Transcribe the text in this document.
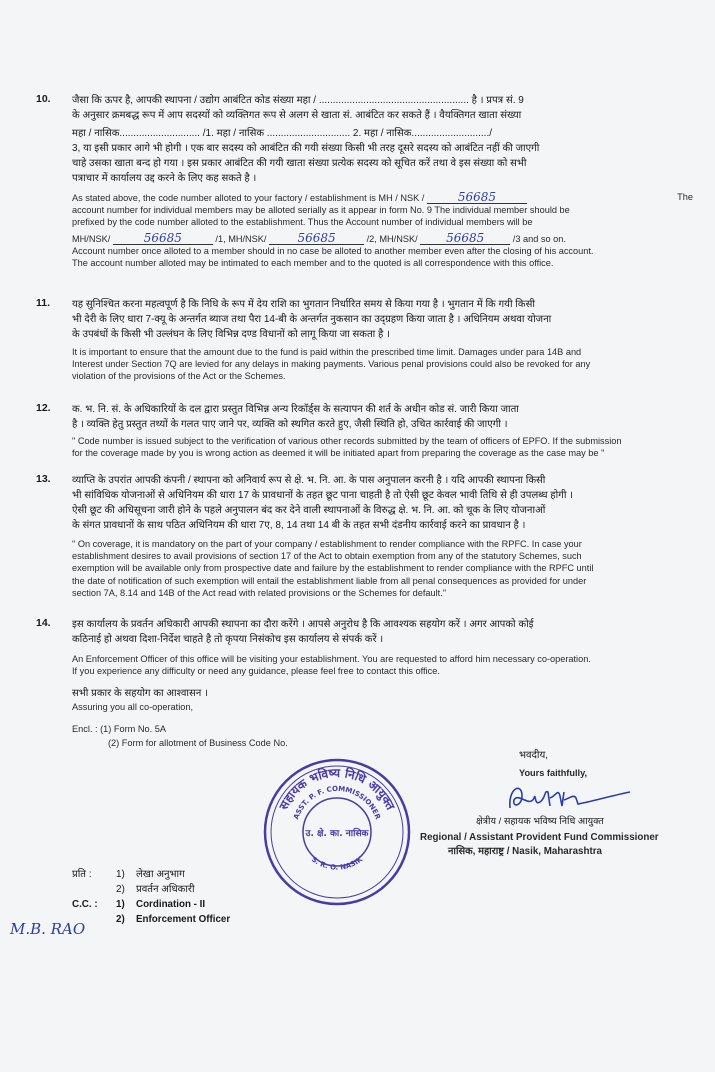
10. जैसा कि ऊपर है, आपकी स्थापना / उद्योग आबंटित कोड संख्या महा / ...................................................... है । प्रपत्र सं. 9

के अनुसार क्रमबद्ध रूप में आप सदस्यों को व्यक्तिगत रूप से अलग से खाता सं. आबंटित कर सकते हैं । वैयक्तिगत खाता संख्या

महा / नासिक............................. /1. महा / नासिक .............................. 2. महा / नासिक............................/

3, या इसी प्रकार आगे भी होगी । एक बार सदस्य को आबंटित की गयी संख्या किसी भी तरह दूसरे सदस्य को आबंटित नहीं की जाएगी

चाहे उसका खाता बन्द हो गया । इस प्रकार आबंटित की गयी खाता संख्या प्रत्येक सदस्य को सूचित करें तथा वे इस संख्या को सभी

पत्राचार में कार्यालय उद्द करने के लिए कह सकते है ।

As stated above, the code number alloted to your factory / establishment is MH / NSK /	56685	The

account number for individual members may be alloted serially as it appear in form No. 9 The individual member should be

prefixed by the code number alloted to the establishment. Thus the Account number of individual members will be

MH/NSK/	56685	/1, MH/NSK/	56685	/2, MH/NSK/ 56685	/3 and so on.

Account number once alloted to a member should in no case be alloted to another member even after the closing of his account.

The account number alloted may be intimated to each member and to the quoted is all correspondence with this office.

11. यह सुनिश्चित करना महत्वपूर्ण है कि निधि के रूप में देय राशि का भुगतान निर्धारित समय से किया गया है । भुगतान में कि गयी किसी

भी देरी के लिए धारा 7-क्यू के अन्तर्गत ब्याज तथा पैरा 14-बी के अन्तर्गत नुकसान का उद्ग्रहण किया जाता है । अधिनियम अथवा योजना

के उपबंधों के किसी भी उल्लंघन के लिए विभिन्न दण्ड विधानों को लागू किया जा सकता है ।

It is important to ensure that the amount due to the fund is paid within the prescribed time limit. Damages under para 14B and

Interest under Section 7Q are levied for any delays in making payments. Various penal provisions could also be revoked for any

violation of the provisions of the Act or the Schemes.

12. क. भ. नि. सं. के अधिकारियों के दल द्वारा प्रस्तुत विभिन्न अन्य रिकॉर्ड्स के सत्यापन की शर्त के अधीन कोड सं. जारी किया जाता

है । व्यक्ति हेतु प्रस्तुत तथ्यों के गलत पाए जाने पर, व्यक्ति को स्थगित करते हुए, जैसी स्थिति हो, उचित कार्रवाई की जाएगी ।

" Code number is issued subject to the verification of various other records submitted by the team of officers of EPFO. If the submission

for the coverage made by you is wrong action as deemed it will be initiated apart from preparing the coverage as the case may be "

13. व्याप्ति के उपरांत आपकी कंपनी / स्थापना को अनिवार्य रूप से क्षे. भ. नि. आ. के पास अनुपालन करनी है । यदि आपकी स्थापना किसी

भी सांविधिक योजनाओं से अधिनियम की धारा 17 के प्रावधानों के तहत छूट पाना चाहती है तो ऐसी छूट केवल भावी तिथि से ही उपलब्ध होगी ।

ऐसी छूट की अधिसूचना जारी होने के पहले अनुपालन बंद कर देने वाली स्थापनाओं के विरुद्ध क्षे. भ. नि. आ. को चूक के लिए योजनाओं

के संगत प्रावधानों के साथ पठित अधिनियम की धारा 7ए, 8, 14 तथा 14 बी के तहत सभी दंडनीय कार्रवाई करने का प्रावधान है ।

" On coverage, it is mandatory on the part of your company / establishment to render compliance with the RPFC. In case your

establishment desires to avail provisions of section 17 of the Act to obtain exemption from any of the statutory Schemes, such

exemption will be available only from prospective date and failure by the establishment to render compliance with the RPFC until

the date of notification of such exemption will entail the establishment liable from all penal consequences as provided for under

section 7A, 8.14 and 14B of the Act read with related provisions or the Schemes for default."

14. इस कार्यालय के प्रवर्तन अधिकारी आपकी स्थापना का दौरा करेंगे । आपसे अनुरोध है कि आवश्यक सहयोग करें । अगर आपको कोई

कठिनाई हो अथवा दिशा-निर्देश चाहते है तो कृपया निसंकोच इस कार्यालय से संपर्क करें ।

An Enforcement Officer of this office will be visiting your establishment. You are requested to afford him necessary co-operation.

If you experience any difficulty or need any guidance, please feel free to contact this office.

सभी प्रकार के सहयोग का आश्वासन ।

Assuring you all co-operation,

Encl. : (1) Form No. 5A

(2) Form for allotment of Business Code No.

भवदीय,

Yours faithfully,

क्षेत्रीय / सहायक भविष्य निधि आयुक्त

Regional / Assistant Provident Fund Commissioner

नासिक, महाराष्ट्र / Nasik, Maharashtra

सहायक भविष्य निधि आयुक्त
ASST. P. F. COMMISSIONER
S. R. O. NASIK
उ. क्षे. का. नासिक
प्रति :	1)	लेखा अनुभाग
2)	प्रवर्तन अधिकारी
C.C. :	1)	Cordination - II
2)	Enforcement Officer
M.B. RAO
